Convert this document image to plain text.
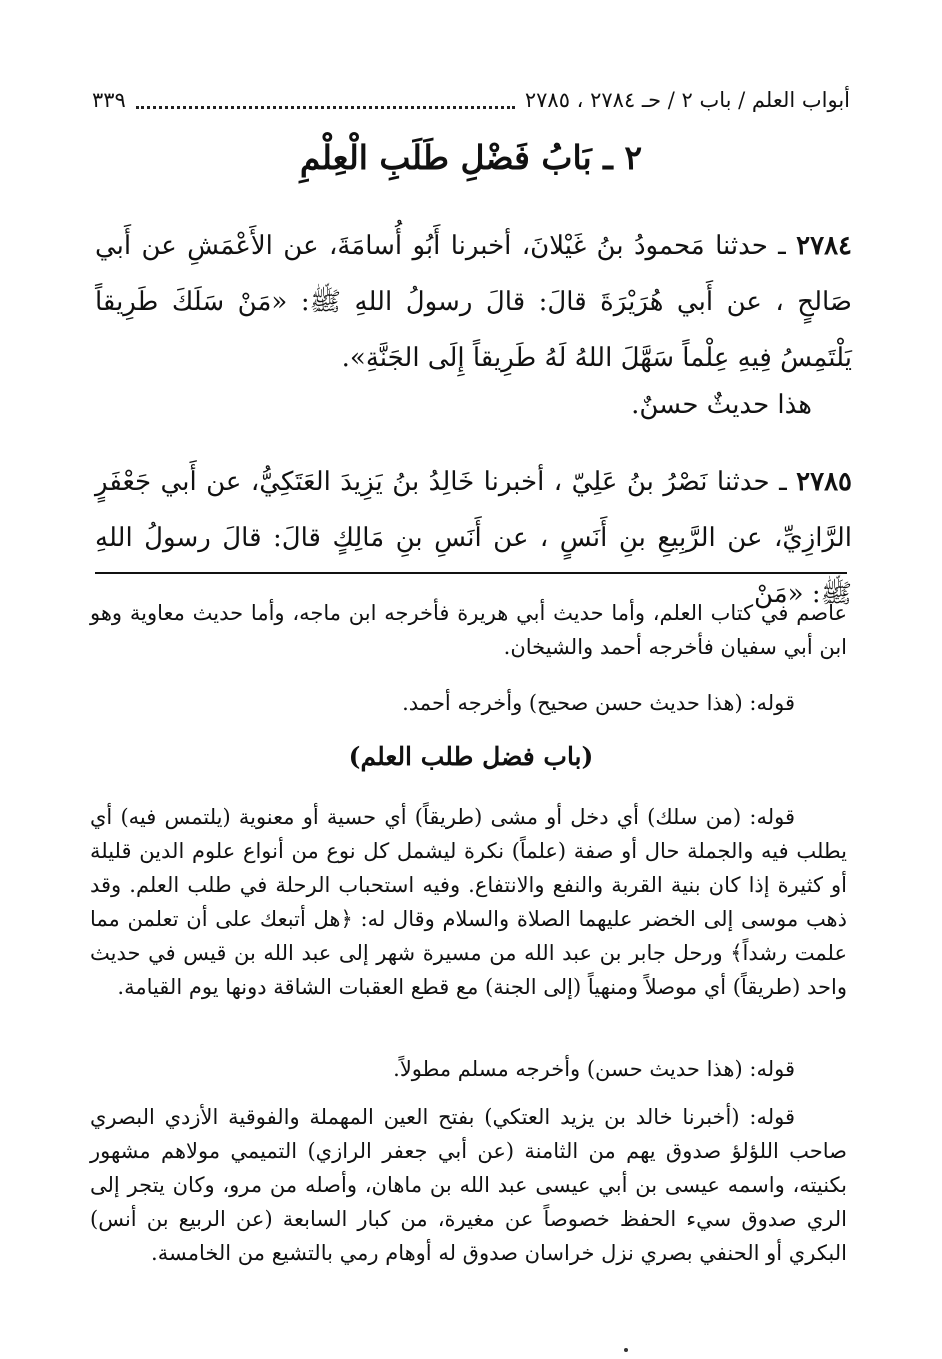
أبواب العلم / باب ٢ / حـ ٢٧٨٤ ، ٢٧٨٥
٣٣٩
٢ ـ بَابُ فَضْلِ طَلَبِ الْعِلْمِ
٢٧٨٤ ـ حدثنا مَحمودُ بنُ غَيْلانَ، أخبرنا أَبُو أُسامَةَ، عن الأَعْمَشِ عن أَبي صَالحٍ ، عن أَبي هُرَيْرَةَ قالَ: قالَ رسولُ اللهِ ﷺ: «مَنْ سَلَكَ طَرِيقاً يَلْتَمِسُ فِيهِ عِلْماً سَهَّلَ اللهُ لَهُ طَرِيقاً إِلَى الجَنَّةِ».
هذا حديثٌ حسنٌ.
٢٧٨٥ ـ حدثنا نَصْرُ بنُ عَلِيّ ، أخبرنا خَالِدُ بنُ يَزِيدَ العَتَكِيُّ، عن أَبي جَعْفَرٍ الرَّازِيِّ، عن الرَّبِيعِ بنِ أَنَسٍ ، عن أَنَسِ بنِ مَالِكٍ قالَ: قالَ رسولُ اللهِ ﷺ: «مَنْ
عاصم في كتاب العلم، وأما حديث أبي هريرة فأخرجه ابن ماجه، وأما حديث معاوية وهو ابن أبي سفيان فأخرجه أحمد والشيخان.
قوله: (هذا حديث حسن صحيح) وأخرجه أحمد.
(باب فضل طلب العلم)
قوله: (من سلك) أي دخل أو مشى (طريقاً) أي حسية أو معنوية (يلتمس فيه) أي يطلب فيه والجملة حال أو صفة (علماً) نكرة ليشمل كل نوع من أنواع علوم الدين قليلة أو كثيرة إذا كان بنية القربة والنفع والانتفاع. وفيه استحباب الرحلة في طلب العلم. وقد ذهب موسى إلى الخضر عليهما الصلاة والسلام وقال له: ﴿هل أتبعك على أن تعلمن مما علمت رشداً﴾ ورحل جابر بن عبد الله من مسيرة شهر إلى عبد الله بن قيس في حديث واحد (طريقاً) أي موصلاً ومنهياً (إلى الجنة) مع قطع العقبات الشاقة دونها يوم القيامة.
قوله: (هذا حديث حسن) وأخرجه مسلم مطولاً.
قوله: (أخبرنا خالد بن يزيد العتكي) بفتح العين المهملة والفوقية الأزدي البصري صاحب اللؤلؤ صدوق يهم من الثامنة (عن أبي جعفر الرازي) التميمي مولاهم مشهور بكنيته، واسمه عيسى بن أبي عيسى عبد الله بن ماهان، وأصله من مرو، وكان يتجر إلى الري صدوق سيء الحفظ خصوصاً عن مغيرة، من كبار السابعة (عن الربيع بن أنس) البكري أو الحنفي بصري نزل خراسان صدوق له أوهام رمي بالتشيع من الخامسة.
